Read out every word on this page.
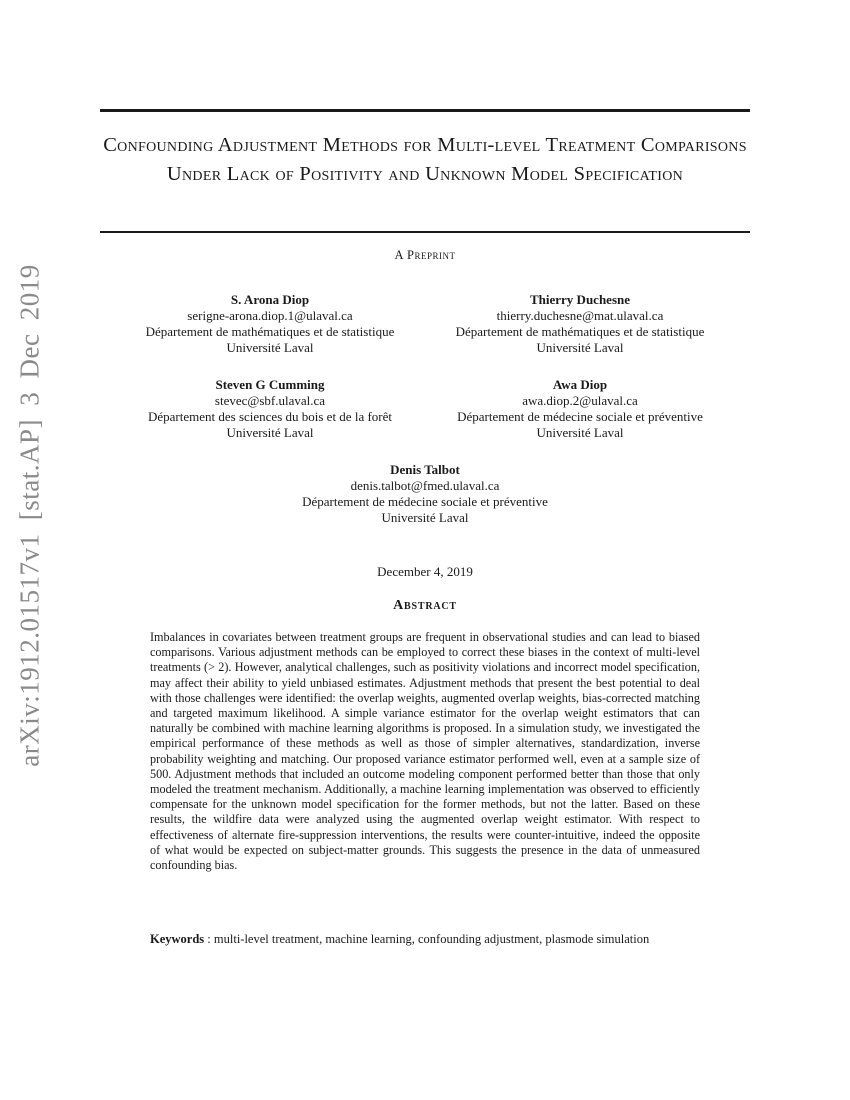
arXiv:1912.01517v1 [stat.AP] 3 Dec 2019
Confounding Adjustment Methods for Multi-level Treatment Comparisons Under Lack of Positivity and Unknown Model Specification
A Preprint
S. Arona Diop
serigne-arona.diop.1@ulaval.ca
Département de mathématiques et de statistique
Université Laval
Thierry Duchesne
thierry.duchesne@mat.ulaval.ca
Département de mathématiques et de statistique
Université Laval
Steven G Cumming
stevec@sbf.ulaval.ca
Département des sciences du bois et de la forêt
Université Laval
Awa Diop
awa.diop.2@ulaval.ca
Département de médecine sociale et préventive
Université Laval
Denis Talbot
denis.talbot@fmed.ulaval.ca
Département de médecine sociale et préventive
Université Laval
December 4, 2019
Abstract
Imbalances in covariates between treatment groups are frequent in observational studies and can lead to biased comparisons. Various adjustment methods can be employed to correct these biases in the context of multi-level treatments (> 2). However, analytical challenges, such as positivity violations and incorrect model specification, may affect their ability to yield unbiased estimates. Adjustment methods that present the best potential to deal with those challenges were identified: the overlap weights, augmented overlap weights, bias-corrected matching and targeted maximum likelihood. A simple variance estimator for the overlap weight estimators that can naturally be combined with machine learning algorithms is proposed. In a simulation study, we investigated the empirical performance of these methods as well as those of simpler alternatives, standardization, inverse probability weighting and matching. Our proposed variance estimator performed well, even at a sample size of 500. Adjustment methods that included an outcome modeling component performed better than those that only modeled the treatment mechanism. Additionally, a machine learning implementation was observed to efficiently compensate for the unknown model specification for the former methods, but not the latter. Based on these results, the wildfire data were analyzed using the augmented overlap weight estimator. With respect to effectiveness of alternate fire-suppression interventions, the results were counter-intuitive, indeed the opposite of what would be expected on subject-matter grounds. This suggests the presence in the data of unmeasured confounding bias.
Keywords : multi-level treatment, machine learning, confounding adjustment, plasmode simulation
